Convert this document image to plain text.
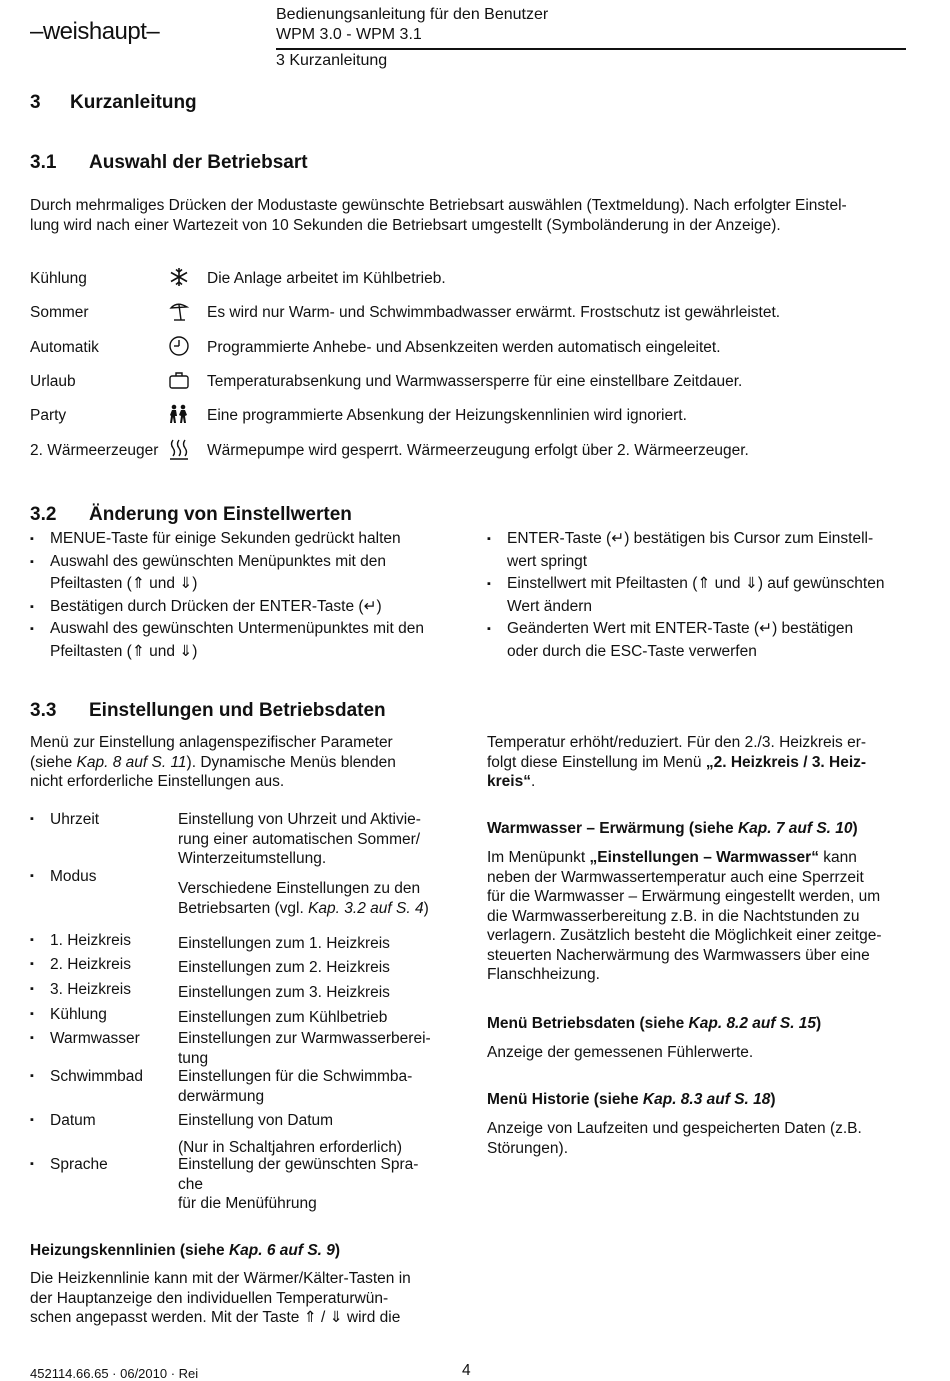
–weishaupt–
Bedienungsanleitung für den Benutzer
WPM 3.0 - WPM 3.1
3 Kurzanleitung
3 Kurzanleitung
3.1 Auswahl der Betriebsart
Durch mehrmaliges Drücken der Modustaste gewünschte Betriebsart auswählen (Textmeldung). Nach erfolgter Einstel-
lung wird nach einer Wartezeit von 10 Sekunden die Betriebsart umgestellt (Symboländerung in der Anzeige).
Kühlung	Die Anlage arbeitet im Kühlbetrieb.
Sommer	Es wird nur Warm- und Schwimmbadwasser erwärmt. Frostschutz ist gewährleistet.
Automatik	Programmierte Anhebe- und Absenkzeiten werden automatisch eingeleitet.
Urlaub	Temperaturabsenkung und Warmwassersperre für eine einstellbare Zeitdauer.
Party	Eine programmierte Absenkung der Heizungskennlinien wird ignoriert.
2. Wärmeerzeuger	Wärmepumpe wird gesperrt. Wärmeerzeugung erfolgt über 2. Wärmeerzeuger.
3.2 Änderung von Einstellwerten
▪ MENUE-Taste für einige Sekunden gedrückt halten
▪ Auswahl des gewünschten Menüpunktes mit den
Pfeiltasten (⇑ und ⇓)
▪ Bestätigen durch Drücken der ENTER-Taste (↵)
▪ Auswahl des gewünschten Untermenüpunktes mit den
Pfeiltasten (⇑ und ⇓)
▪ ENTER-Taste (↵) bestätigen bis Cursor zum Einstell-
wert springt
▪ Einstellwert mit Pfeiltasten (⇑ und ⇓) auf gewünschten
Wert ändern
▪ Geänderten Wert mit ENTER-Taste (↵) bestätigen
oder durch die ESC-Taste verwerfen
3.3 Einstellungen und Betriebsdaten
Menü zur Einstellung anlagenspezifischer Parameter
(siehe Kap. 8 auf S. 11). Dynamische Menüs blenden
nicht erforderliche Einstellungen aus.
▪ Uhrzeit	Einstellung von Uhrzeit und Aktivie-
rung einer automatischen Sommer/
Winterzeitumstellung.
▪ Modus
Verschiedene Einstellungen zu den
Betriebsarten (vgl. Kap. 3.2 auf S. 4)
▪ 1. Heizkreis	Einstellungen zum 1. Heizkreis
▪ 2. Heizkreis	Einstellungen zum 2. Heizkreis
▪ 3. Heizkreis	Einstellungen zum 3. Heizkreis
▪ Kühlung	Einstellungen zum Kühlbetrieb
▪ Warmwasser Einstellungen zur Warmwasserberei-
tung
▪ Schwimmbad Einstellungen für die Schwimmba-
derwärmung
▪ Datum	Einstellung von Datum
(Nur in Schaltjahren erforderlich)
▪ Sprache	Einstellung der gewünschten Spra-
che
für die Menüführung
Heizungskennlinien (siehe Kap. 6 auf S. 9)
Die Heizkennlinie kann mit der Wärmer/Kälter-Tasten in
der Hauptanzeige den individuellen Temperaturwün-
schen angepasst werden. Mit der Taste ⇑ / ⇓ wird die
Temperatur erhöht/reduziert. Für den 2./3. Heizkreis er-
folgt diese Einstellung im Menü „2. Heizkreis / 3. Heiz-
kreis“.
Warmwasser – Erwärmung (siehe Kap. 7 auf S. 10)
Im Menüpunkt „Einstellungen – Warmwasser“ kann
neben der Warmwassertemperatur auch eine Sperrzeit
für die Warmwasser – Erwärmung eingestellt werden, um
die Warmwasserbereitung z.B. in die Nachtstunden zu
verlagern. Zusätzlich besteht die Möglichkeit einer zeitge-
steuerten Nacherwärmung des Warmwassers über eine
Flanschheizung.
Menü Betriebsdaten (siehe Kap. 8.2 auf S. 15)
Anzeige der gemessenen Fühlerwerte.
Menü Historie (siehe Kap. 8.3 auf S. 18)
Anzeige von Laufzeiten und gespeicherten Daten (z.B.
Störungen).
452114.66.65 · 06/2010 · Rei	4
